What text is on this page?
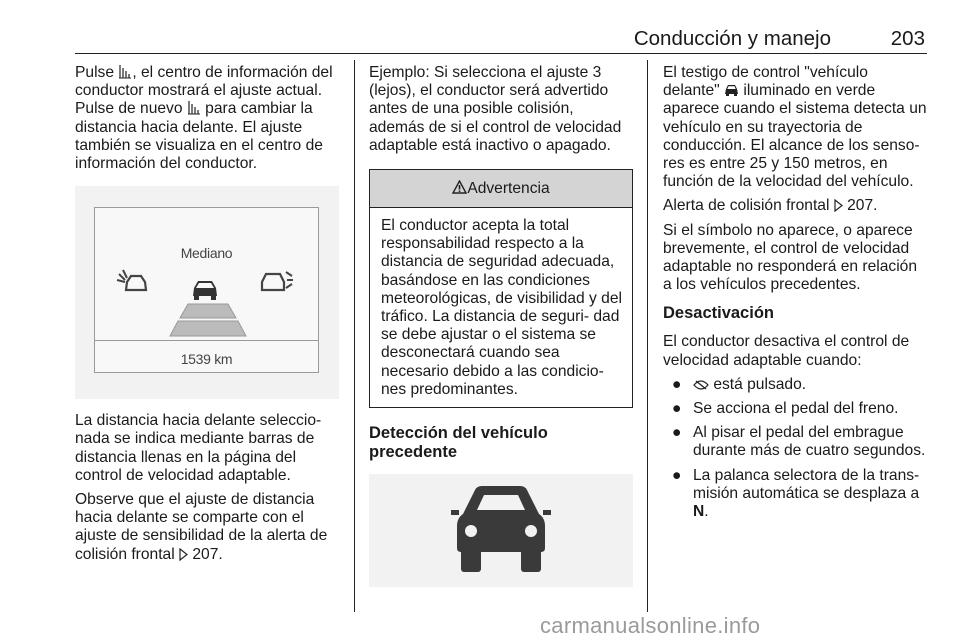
Conducción y manejo	203

Pulse , el centro de información del conductor mostrará el ajuste actual. Pulse de nuevo  para cambiar la distancia hacia delante. El ajuste también se visualiza en el centro de información del conductor.

Mediano
1539 km

La distancia hacia delante seleccio- nada se indica mediante barras de distancia llenas en la página del control de velocidad adaptable.

Observe que el ajuste de distancia hacia delante se comparte con el ajuste de sensibilidad de la alerta de colisión frontal  207.

Ejemplo: Si selecciona el ajuste 3 (lejos), el conductor será advertido antes de una posible colisión, además de si el control de velocidad adaptable está inactivo o apagado.

Advertencia
El conductor acepta la total responsabilidad respecto a la distancia de seguridad adecuada, basándose en las condiciones meteorológicas, de visibilidad y del tráfico. La distancia de seguri- dad se debe ajustar o el sistema se desconectará cuando sea necesario debido a las condicio- nes predominantes.
Detección del vehículo precedente

El testigo de control "vehículo delante"  iluminado en verde aparece cuando el sistema detecta un vehículo en su trayectoria de conducción. El alcance de los senso- res es entre 25 y 150 metros, en función de la velocidad del vehículo.

Alerta de colisión frontal  207.

Si el símbolo no aparece, o aparece brevemente, el control de velocidad adaptable no responderá en relación a los vehículos precedentes.

Desactivación

El conductor desactiva el control de velocidad adaptable cuando:

● está pulsado.
● Se acciona el pedal del freno.
● Al pisar el pedal del embrague durante más de cuatro segundos.
● La palanca selectora de la trans- misión automática se desplaza a N.
carmanualsonline.info
